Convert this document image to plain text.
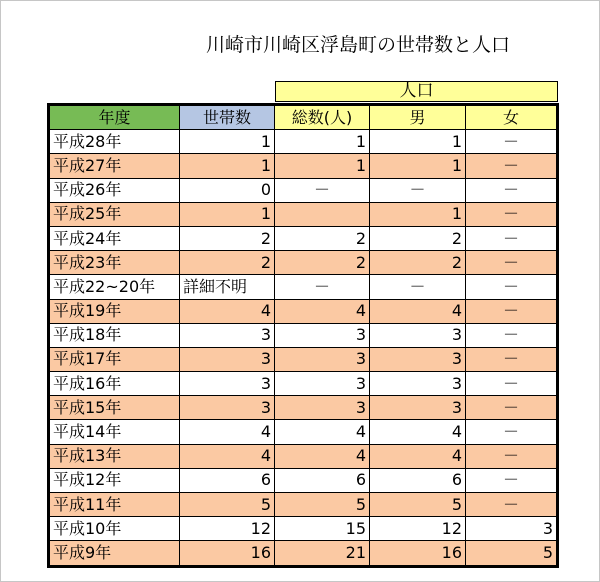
川崎市川崎区浮島町の世帯数と人口
人口
年度	世帯数	総数(人)	男	女
平成28年	1	1	1	－
平成27年	1	1	1	－
平成26年	0	－	－	－
平成25年	1		1	－
平成24年	2	2	2	－
平成23年	2	2	2	－
平成22~20年	詳細不明	－	－	－
平成19年	4	4	4	－
平成18年	3	3	3	－
平成17年	3	3	3	－
平成16年	3	3	3	－
平成15年	3	3	3	－
平成14年	4	4	4	－
平成13年	4	4	4	－
平成12年	6	6	6	－
平成11年	5	5	5	－
平成10年	12	15	12	3
平成9年	16	21	16	5
